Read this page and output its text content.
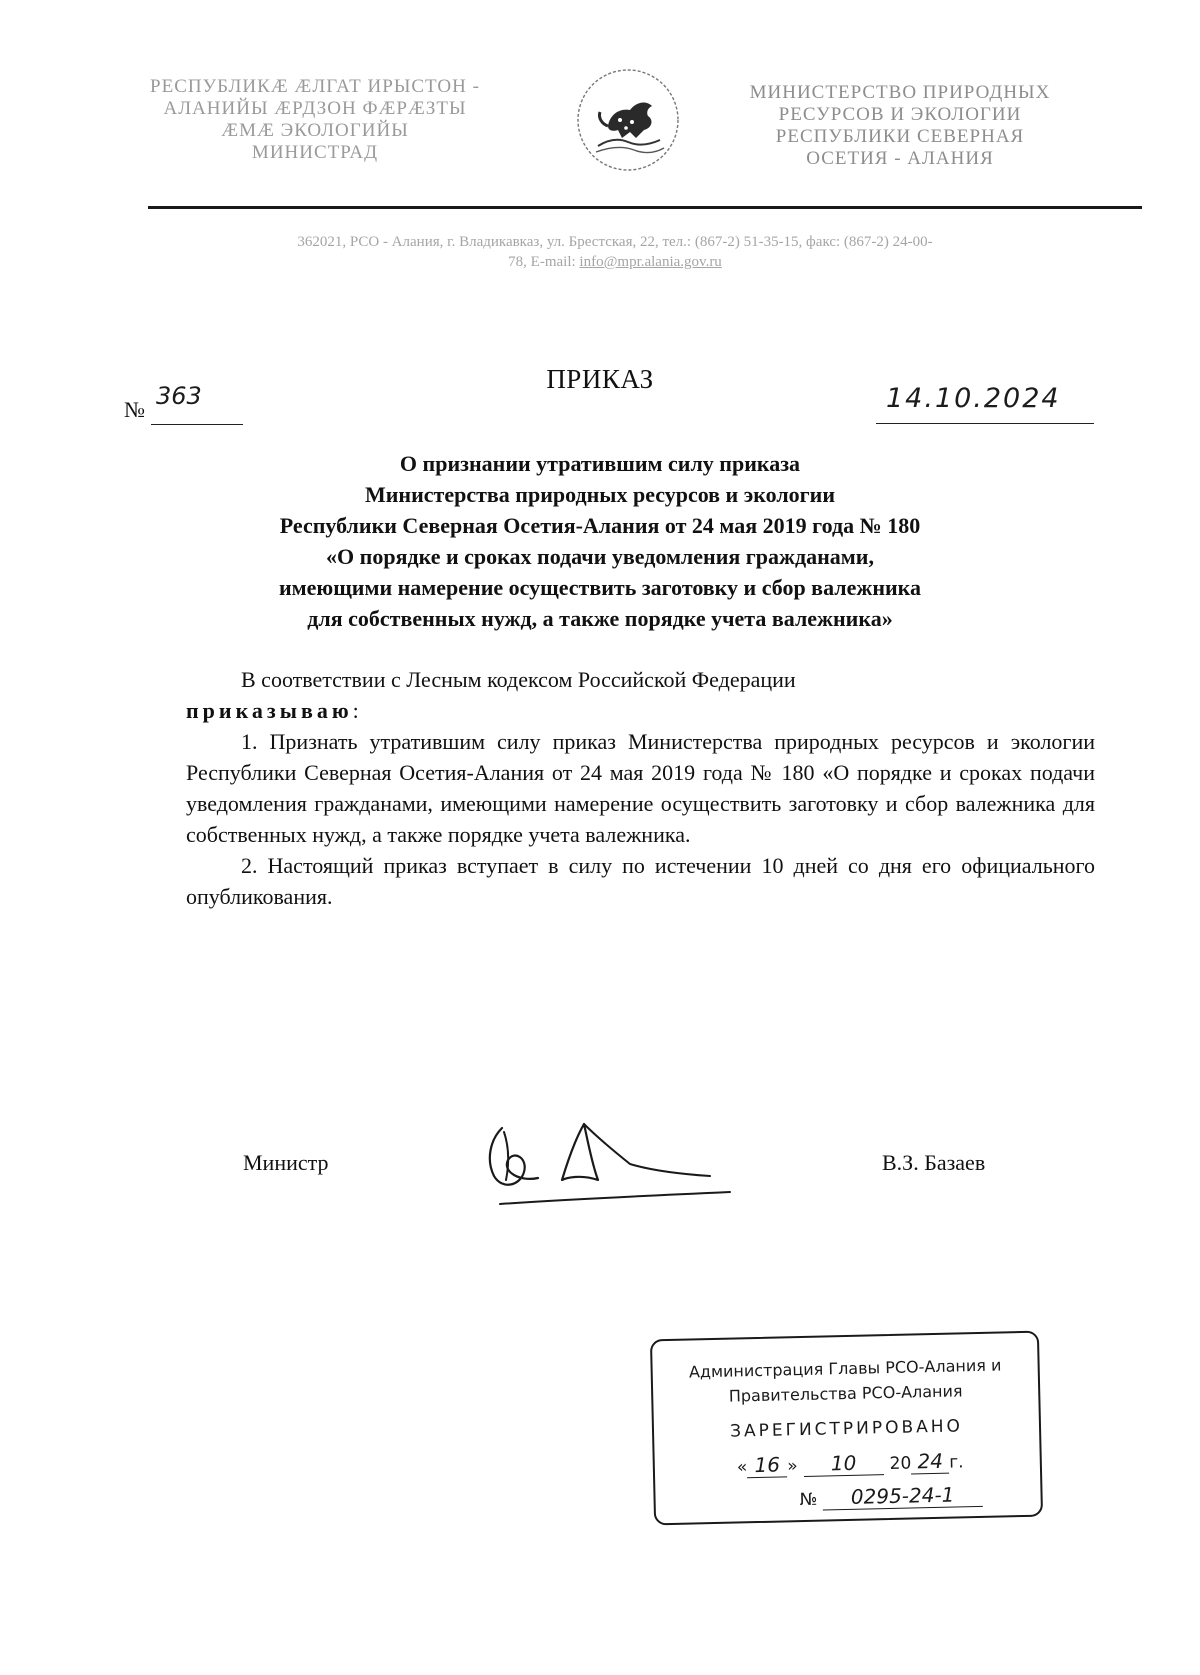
РЕСПУБЛИКÆ ÆЛГАТ ИРЫСТОН -
АЛАНИЙЫ ÆРДЗОН ФÆРÆЗТЫ
ÆМÆ ЭКОЛОГИЙЫ
МИНИСТРАД
МИНИСТЕРСТВО ПРИРОДНЫХ
РЕСУРСОВ И ЭКОЛОГИИ
РЕСПУБЛИКИ СЕВЕРНАЯ
ОСЕТИЯ - АЛАНИЯ
362021, РСО - Алания, г. Владикавказ, ул. Брестская, 22, тел.: (867-2) 51-35-15, факс: (867-2) 24-00-
78, E-mail: info@mpr.alania.gov.ru
ПРИКАЗ
№ 363	14.10.2024
О признании утратившим силу приказа
Министерства природных ресурсов и экологии
Республики Северная Осетия-Алания от 24 мая 2019 года № 180
«О порядке и сроках подачи уведомления гражданами,
имеющими намерение осуществить заготовку и сбор валежника
для собственных нужд, а также порядке учета валежника»

В соответствии с Лесным кодексом Российской Федерации

приказываю:

1. Признать утратившим силу приказ Министерства природных ресурсов и экологии Республики Северная Осетия-Алания от 24 мая 2019 года № 180 «О порядке и сроках подачи уведомления гражданами, имеющими намерение осуществить заготовку и сбор валежника для собственных нужд, а также порядке учета валежника.

2. Настоящий приказ вступает в силу по истечении 10 дней со дня его официального опубликования.

Министр	В.З. Базаев
Администрация Главы РСО-Алания и
Правительства РСО-Алания
ЗАРЕГИСТРИРОВАНО
« 16 » 10 20 24 г.
№ 0295-24-1
